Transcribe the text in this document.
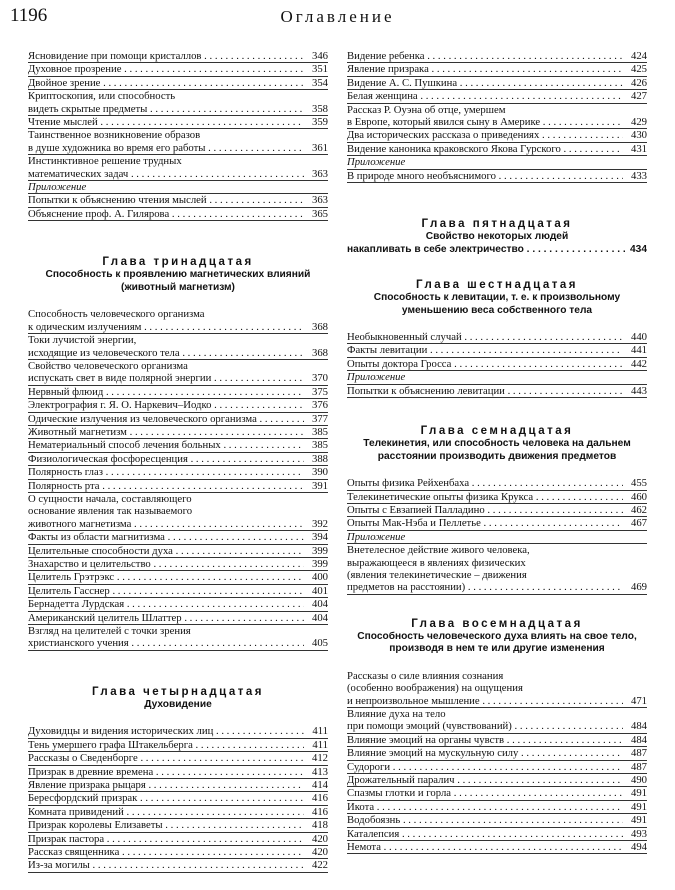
1196	Оглавление
Ясновидение при помощи кристаллов . . .	346
Духовное прозрение . . .	351
Двойное зрение . . .	354
Криптоскопия, или способность
видеть скрытые предметы . . .	358
Чтение мыслей . . .	359
Таинственное возникновение образов
в душе художника во время его работы . . .	361
Инстинктивное решение трудных
математических задач . . .	363
Приложение
Попытки к объяснению чтения мыслей . . .	363
Объяснение проф. А. Гилярова . . .	365
Глава тринадцатая
Способность к проявлению магнетических влияний
(животный магнетизм)
Способность человеческого организма
к одическим излучениям . . .	368
Токи лучистой энергии,
исходящие из человеческого тела . . .	368
Свойство человеческого организма
испускать свет в виде полярной энергии . . .	370
Нервный флюид . . .	375
Электрография г. Я. О. Наркевич–Иодко . . .	376
Одические излучения из человеческого организма . . .	377
Животный магнетизм . . .	385
Нематериальный способ лечения больных . . .	385
Физиологическая фосфоресценция . . .	388
Полярность глаз . . .	390
Полярность рта . . .	391
О сущности начала, составляющего
основание явления так называемого
животного магнетизма . . .	392
Факты из области магнитизма . . .	394
Целительные способности духа . . .	399
Знахарство и целительство . . .	399
Целитель Грэтрэкс . . .	400
Целитель Гасснер . . .	401
Бернадетта Лурдская . . .	404
Американский целитель Шлаттер . . .	404
Взгляд на целителей с точки зрения
христианского учения . . .	405
Глава четырнадцатая
Духовидение
Духовидцы и видения исторических лиц . . .	411
Тень умершего графа Штакельберга . . .	411
Рассказы о Сведенборге . . .	412
Призрак в древние времена . . .	413
Явление призрака рыцаря . . .	414
Бересфордский призрак . . .	416
Комната привидений . . .	416
Призрак королевы Елизаветы . . .	418
Призрак пастора . . .	420
Рассказ священника . . .	420
Из-за могилы . . .	422
Видение ребенка . . .	424
Явление призрака . . .	425
Видение А. С. Пушкина . . .	426
Белая женщина . . .	427
Рассказ Р. Оуэна об отце, умершем
в Европе, который явился сыну в Америке . . .	429
Два исторических рассказа о приведениях . . .	430
Видение каноника краковского Якова Гурского . . .	431
Приложение
В природе много необъяснимого . . .	433
Глава пятнадцатая
Свойство некоторых людей
накапливать в себе электричество . . .	434
Глава шестнадцатая
Способность к левитации, т. е. к произвольному
уменьшению веса собственного тела
Необыкновенный случай . . .	440
Факты левитации . . .	441
Опыты доктора Гросса . . .	442
Приложение
Попытки к объяснению левитации . . .	443
Глава семнадцатая
Телекинетия, или способность человека на дальнем
расстоянии производить движения предметов
Опыты физика Рейхенбаха . . .	455
Телекинетические опыты физика Крукса . . .	460
Опыты с Евзапией Палладино . . .	462
Опыты Мак-Нэба и Пеллетье . . .	467
Приложение
Внетелесное действие живого человека,
выражающееся в явлениях физических
(явления телекинетические – движения
предметов на расстоянии) . . .	469
Глава восемнадцатая
Способность человеческого духа влиять на свое тело,
производя в нем те или другие изменения
Рассказы о силе влияния сознания
(особенно воображения) на ощущения
и непроизвольное мышление . . .	471
Влияние духа на тело
при помощи эмоций (чувствований) . . .	484
Влияние эмоций на органы чувств . . .	484
Влияние эмоций на мускульную силу . . .	487
Судороги . . .	487
Дрожательный паралич . . .	490
Спазмы глотки и горла . . .	491
Икота . . .	491
Водобоязнь . . .	491
Каталепсия . . .	493
Немота . . .	494
